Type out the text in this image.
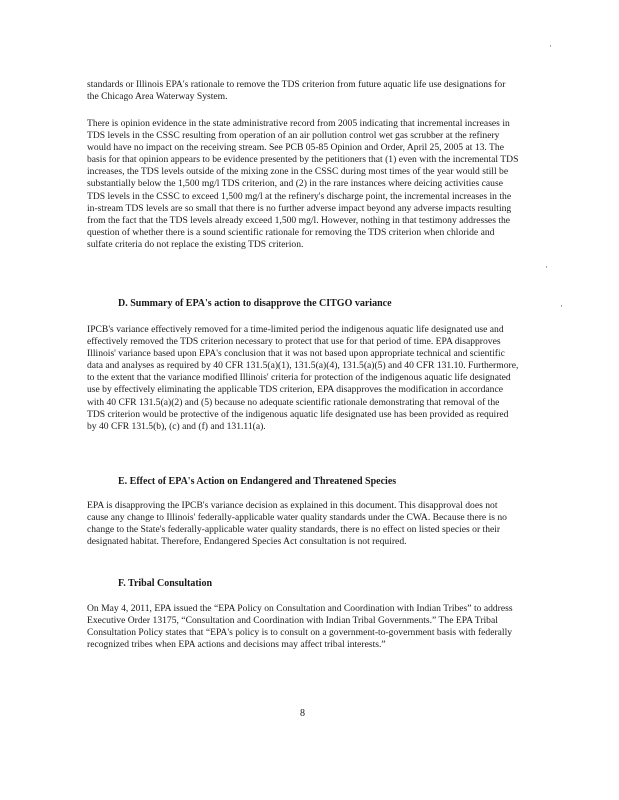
·
·
·

standards or Illinois EPA's rationale to remove the TDS criterion from future aquatic life use designations for the Chicago Area Waterway System.

There is opinion evidence in the state administrative record from 2005 indicating that incremental increases in TDS levels in the CSSC resulting from operation of an air pollution control wet gas scrubber at the refinery would have no impact on the receiving stream. See PCB 05-85 Opinion and Order, April 25, 2005 at 13. The basis for that opinion appears to be evidence presented by the petitioners that (1) even with the incremental TDS increases, the TDS levels outside of the mixing zone in the CSSC during most times of the year would still be substantially below the 1,500 mg/l TDS criterion, and (2) in the rare instances where deicing activities cause TDS levels in the CSSC to exceed 1,500 mg/l at the refinery's discharge point, the incremental increases in the in-stream TDS levels are so small that there is no further adverse impact beyond any adverse impacts resulting from the fact that the TDS levels already exceed 1,500 mg/l. However, nothing in that testimony addresses the question of whether there is a sound scientific rationale for removing the TDS criterion when chloride and sulfate criteria do not replace the existing TDS criterion.

D. Summary of EPA's action to disapprove the CITGO variance

IPCB's variance effectively removed for a time-limited period the indigenous aquatic life designated use and effectively removed the TDS criterion necessary to protect that use for that period of time. EPA disapproves Illinois' variance based upon EPA's conclusion that it was not based upon appropriate technical and scientific data and analyses as required by 40 CFR 131.5(a)(1), 131.5(a)(4), 131.5(a)(5) and 40 CFR 131.10. Furthermore, to the extent that the variance modified Illinois' criteria for protection of the indigenous aquatic life designated use by effectively eliminating the applicable TDS criterion, EPA disapproves the modification in accordance with 40 CFR 131.5(a)(2) and (5) because no adequate scientific rationale demonstrating that removal of the TDS criterion would be protective of the indigenous aquatic life designated use has been provided as required by 40 CFR 131.5(b), (c) and (f) and 131.11(a).

E. Effect of EPA's Action on Endangered and Threatened Species

EPA is disapproving the IPCB's variance decision as explained in this document. This disapproval does not cause any change to Illinois' federally-applicable water quality standards under the CWA. Because there is no change to the State's federally-applicable water quality standards, there is no effect on listed species or their designated habitat. Therefore, Endangered Species Act consultation is not required.

F. Tribal Consultation

On May 4, 2011, EPA issued the “EPA Policy on Consultation and Coordination with Indian Tribes” to address Executive Order 13175, “Consultation and Coordination with Indian Tribal Governments.” The EPA Tribal Consultation Policy states that “EPA's policy is to consult on a government-to-government basis with federally recognized tribes when EPA actions and decisions may affect tribal interests.”

8
